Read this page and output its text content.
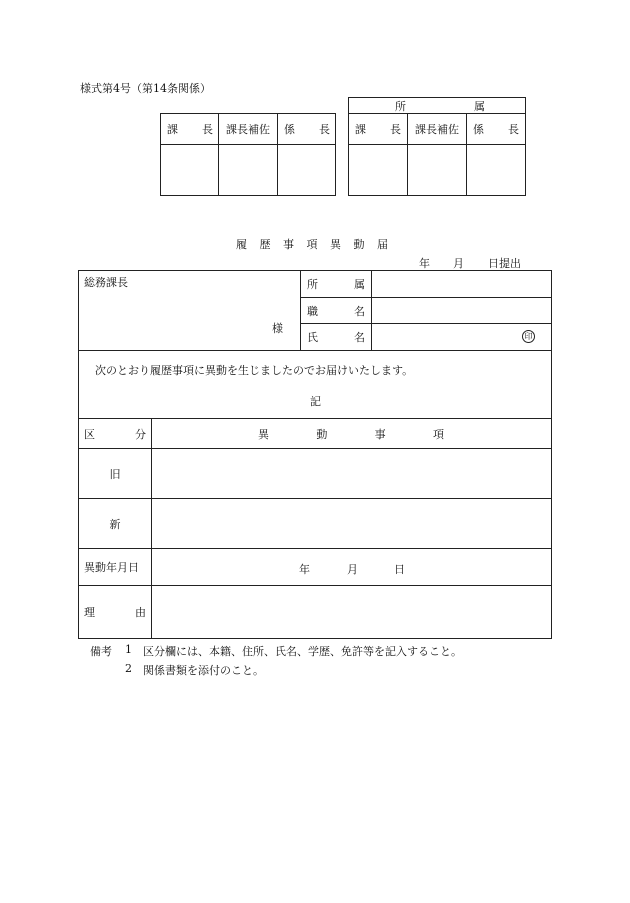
様式第4号（第14条関係）
課 長	課長補佐	係 長
所	属
課 長	課長補佐	係 長
履歴事項異動届
年 月 日提出
総務課長
様
所	属
職	名
氏	名	印
次のとおり履歴事項に異動を生じましたのでお届けいたします。
記
区	分	異	動	事	項
旧
新
異動年月日	年	月	日
理	由
備考 1 区分欄には、本籍、住所、氏名、学歴、免許等を記入すること。
2 関係書類を添付のこと。
